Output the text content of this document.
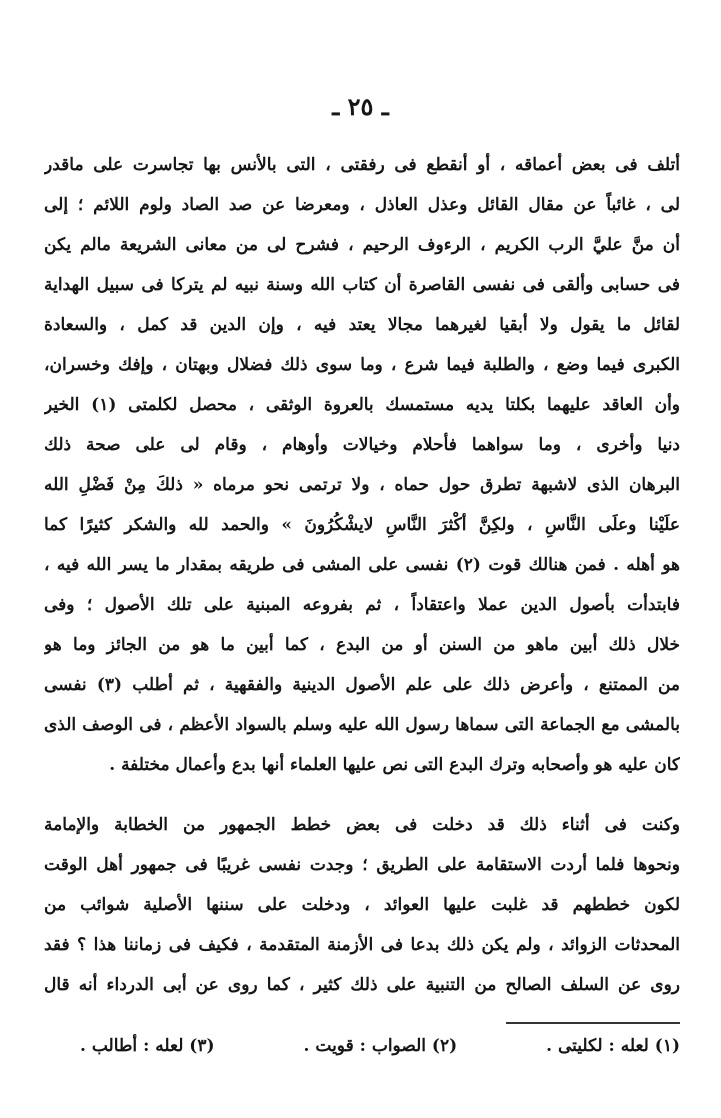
ـ ٢٥ ـ
أتلف فى بعض أعماقه ، أو أنقطع فى رفقتى ، التى بالأنس بها تجاسرت على ماقدر
لى ، غائباً عن مقال القائل وعذل العاذل ، ومعرضا عن صد الصاد ولوم اللائم ؛ إلى
أن منَّ عليَّ الرب الكريم ، الرءوف الرحيم ، فشرح لى من معانى الشريعة مالم يكن
فى حسابى وألقى فى نفسى القاصرة أن كتاب الله وسنة نبيه لم يتركا فى سبيل الهداية
لقائل ما يقول ولا أبقيا لغيرهما مجالا يعتد فيه ، وإن الدين قد كمل ، والسعادة
الكبرى فيما وضع ، والطلبة فيما شرع ، وما سوى ذلك فضلال وبهتان ، وإفك وخسران،
وأن العاقد عليهما بكلتا يديه مستمسك بالعروة الوثقى ، محصل لكلمتى (١) الخير
دنيا وأخرى ، وما سواهما فأحلام وخيالات وأوهام ، وقام لى على صحة ذلك
البرهان الذى لاشبهة تطرق حول حماه ، ولا ترتمى نحو مرماه « ذلكَ مِنْ فَضْلِ الله
علَيْنا وعلَى النَّاسِ ، ولكِنَّ أكْثرَ النَّاسِ لايشْكُرُونَ » والحمد لله والشكر كثيرًا كما
هو أهله . فمن هنالك قوت (٢) نفسى على المشى فى طريقه بمقدار ما يسر الله فيه ،
فابتدأت بأصول الدين عملا واعتقاداً ، ثم بفروعه المبنية على تلك الأصول ؛ وفى
خلال ذلك أبين ماهو من السنن أو من البدع ، كما أبين ما هو من الجائز وما هو
من الممتنع ، وأعرض ذلك على علم الأصول الدينية والفقهية ، ثم أطلب (٣) نفسى
بالمشى مع الجماعة التى سماها رسول الله عليه وسلم بالسواد الأعظم ، فى الوصف الذى
كان عليه هو وأصحابه وترك البدع التى نص عليها العلماء أنها بدع وأعمال مختلفة .
وكنت فى أثناء ذلك قد دخلت فى بعض خطط الجمهور من الخطابة والإمامة
ونحوها فلما أردت الاستقامة على الطريق ؛ وجدت نفسى غريبًا فى جمهور أهل الوقت
لكون خططهم قد غلبت عليها العوائد ، ودخلت على سننها الأصلية شوائب من
المحدثات الزوائد ، ولم يكن ذلك بدعا فى الأزمنة المتقدمة ، فكيف فى زماننا هذا ؟ فقد
روى عن السلف الصالح من التنبية على ذلك كثير ، كما روى عن أبى الدرداء أنه قال
(١) لعله : لكليتى .
(٢) الصواب : قويت .
(٣) لعله : أطالب .
